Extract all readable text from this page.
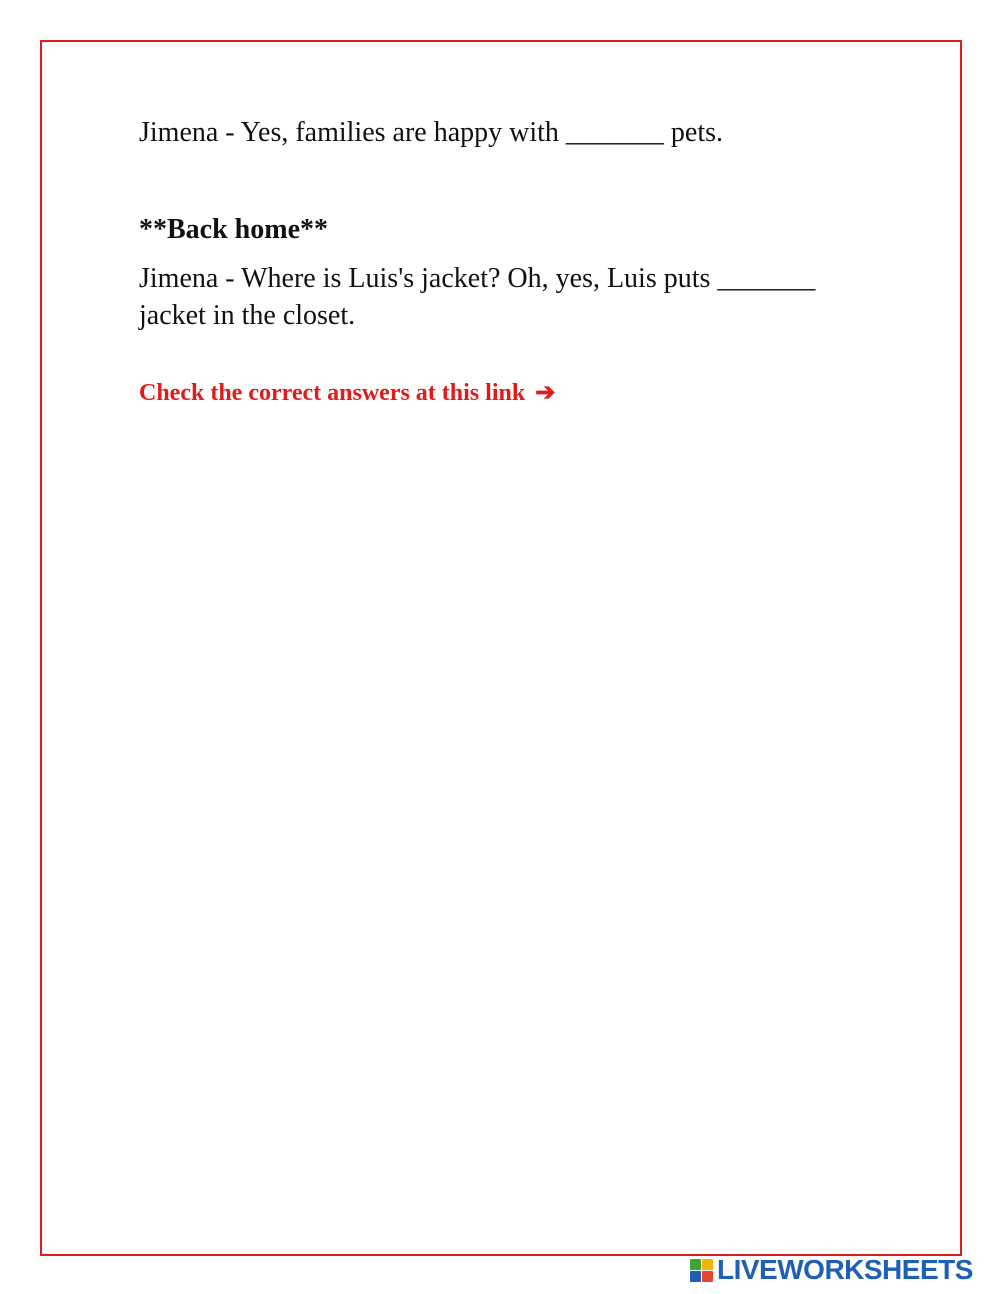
Jimena - Yes, families are happy with _______ pets.

**Back home**

Jimena - Where is Luis's jacket? Oh, yes, Luis puts _______ jacket in the closet.

Check the correct answers at this link ➔
LIVEWORKSHEETS
